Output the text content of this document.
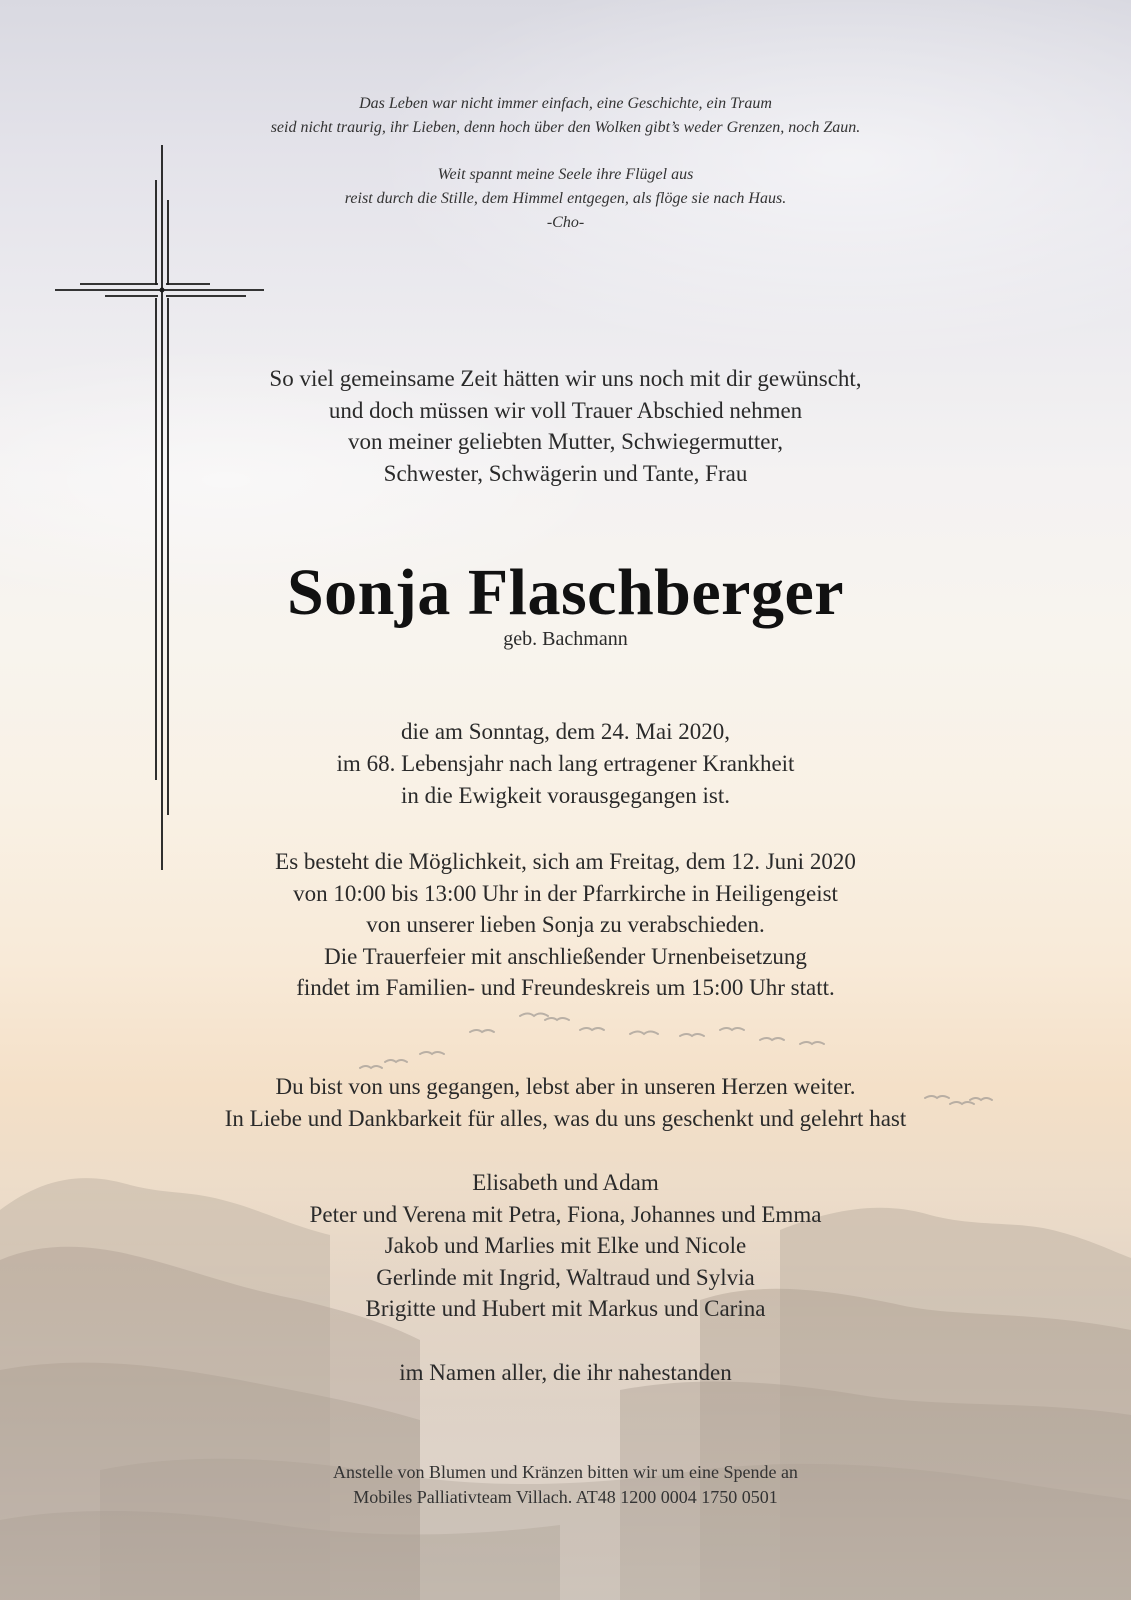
Das Leben war nicht immer einfach, eine Geschichte, ein Traum
seid nicht traurig, ihr Lieben, denn hoch über den Wolken gibt’s weder Grenzen, noch Zaun.
Weit spannt meine Seele ihre Flügel aus
reist durch die Stille, dem Himmel entgegen, als flöge sie nach Haus.
-Cho-

So viel gemeinsame Zeit hätten wir uns noch mit dir gewünscht,
und doch müssen wir voll Trauer Abschied nehmen
von meiner geliebten Mutter, Schwiegermutter,
Schwester, Schwägerin und Tante, Frau

Sonja Flaschberger

geb. Bachmann

die am Sonntag, dem 24. Mai 2020,
im 68. Lebensjahr nach lang ertragener Krankheit
in die Ewigkeit vorausgegangen ist.

Es besteht die Möglichkeit, sich am Freitag, dem 12. Juni 2020
von 10:00 bis 13:00 Uhr in der Pfarrkirche in Heiligengeist
von unserer lieben Sonja zu verabschieden.
Die Trauerfeier mit anschließender Urnenbeisetzung
findet im Familien- und Freundeskreis um 15:00 Uhr statt.

Du bist von uns gegangen, lebst aber in unseren Herzen weiter.
In Liebe und Dankbarkeit für alles, was du uns geschenkt und gelehrt hast

Elisabeth und Adam
Peter und Verena mit Petra, Fiona, Johannes und Emma
Jakob und Marlies mit Elke und Nicole
Gerlinde mit Ingrid, Waltraud und Sylvia
Brigitte und Hubert mit Markus und Carina

im Namen aller, die ihr nahestanden

Anstelle von Blumen und Kränzen bitten wir um eine Spende an
Mobiles Palliativteam Villach. AT48 1200 0004 1750 0501
